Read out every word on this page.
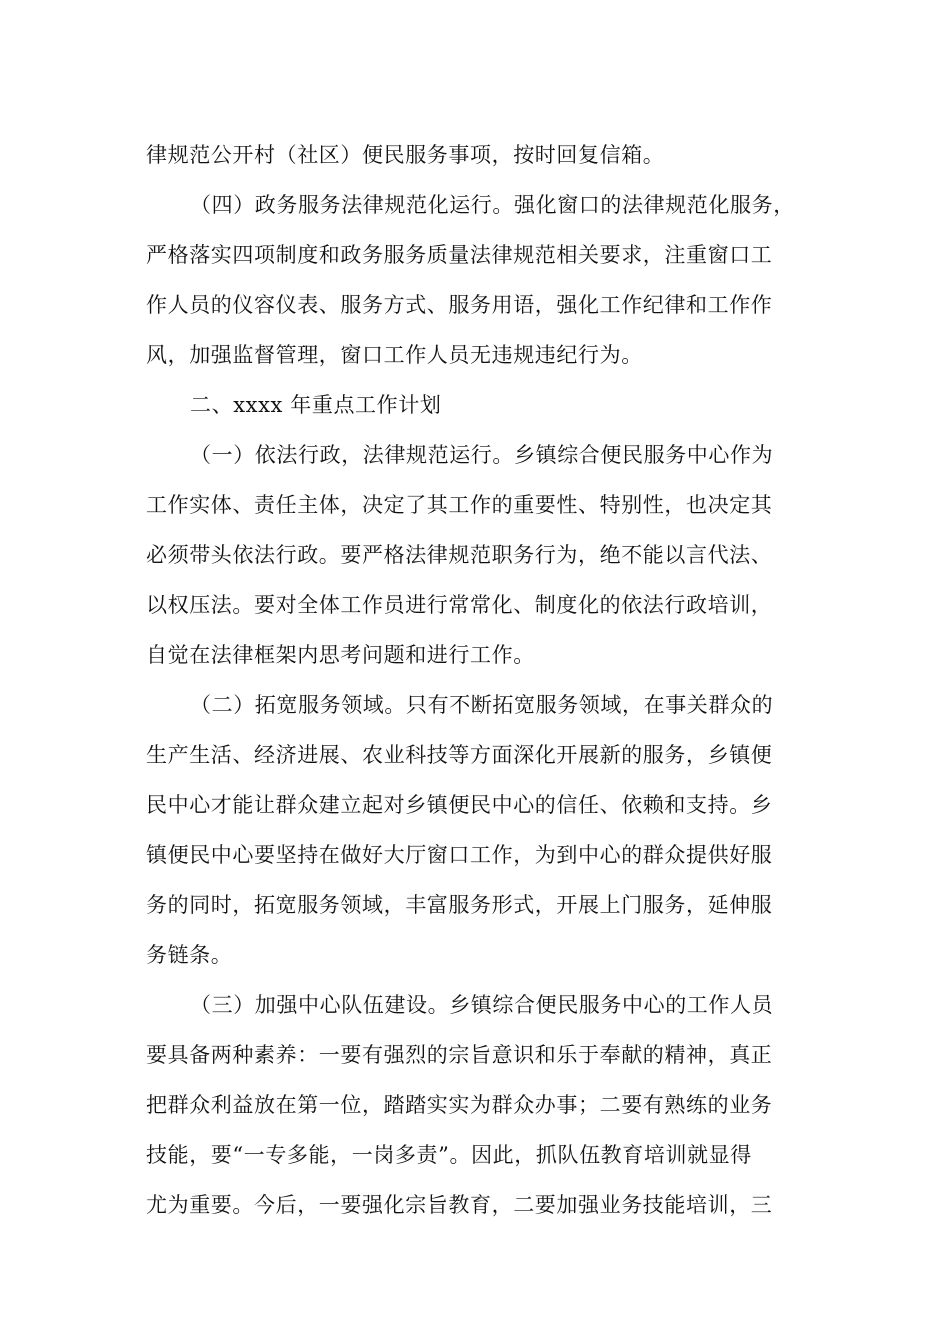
律规范公开村（社区）便民服务事项，按时回复信箱。
（四）政务服务法律规范化运行。强化窗口的法律规范化服务，
严格落实四项制度和政务服务质量法律规范相关要求，注重窗口工
作人员的仪容仪表、服务方式、服务用语，强化工作纪律和工作作
风，加强监督管理，窗口工作人员无违规违纪行为。
二、xxxx 年重点工作计划
（一）依法行政，法律规范运行。乡镇综合便民服务中心作为
工作实体、责任主体，决定了其工作的重要性、特别性，也决定其
必须带头依法行政。要严格法律规范职务行为，绝不能以言代法、
以权压法。要对全体工作员进行常常化、制度化的依法行政培训，
自觉在法律框架内思考问题和进行工作。
（二）拓宽服务领域。只有不断拓宽服务领域，在事关群众的
生产生活、经济进展、农业科技等方面深化开展新的服务，乡镇便
民中心才能让群众建立起对乡镇便民中心的信任、依赖和支持。乡
镇便民中心要坚持在做好大厅窗口工作，为到中心的群众提供好服
务的同时，拓宽服务领域，丰富服务形式，开展上门服务，延伸服
务链条。
（三）加强中心队伍建设。乡镇综合便民服务中心的工作人员
要具备两种素养：一要有强烈的宗旨意识和乐于奉献的精神，真正
把群众利益放在第一位，踏踏实实为群众办事；二要有熟练的业务
技能，要“一专多能，一岗多责”。因此，抓队伍教育培训就显得
尤为重要。今后，一要强化宗旨教育，二要加强业务技能培训，三
